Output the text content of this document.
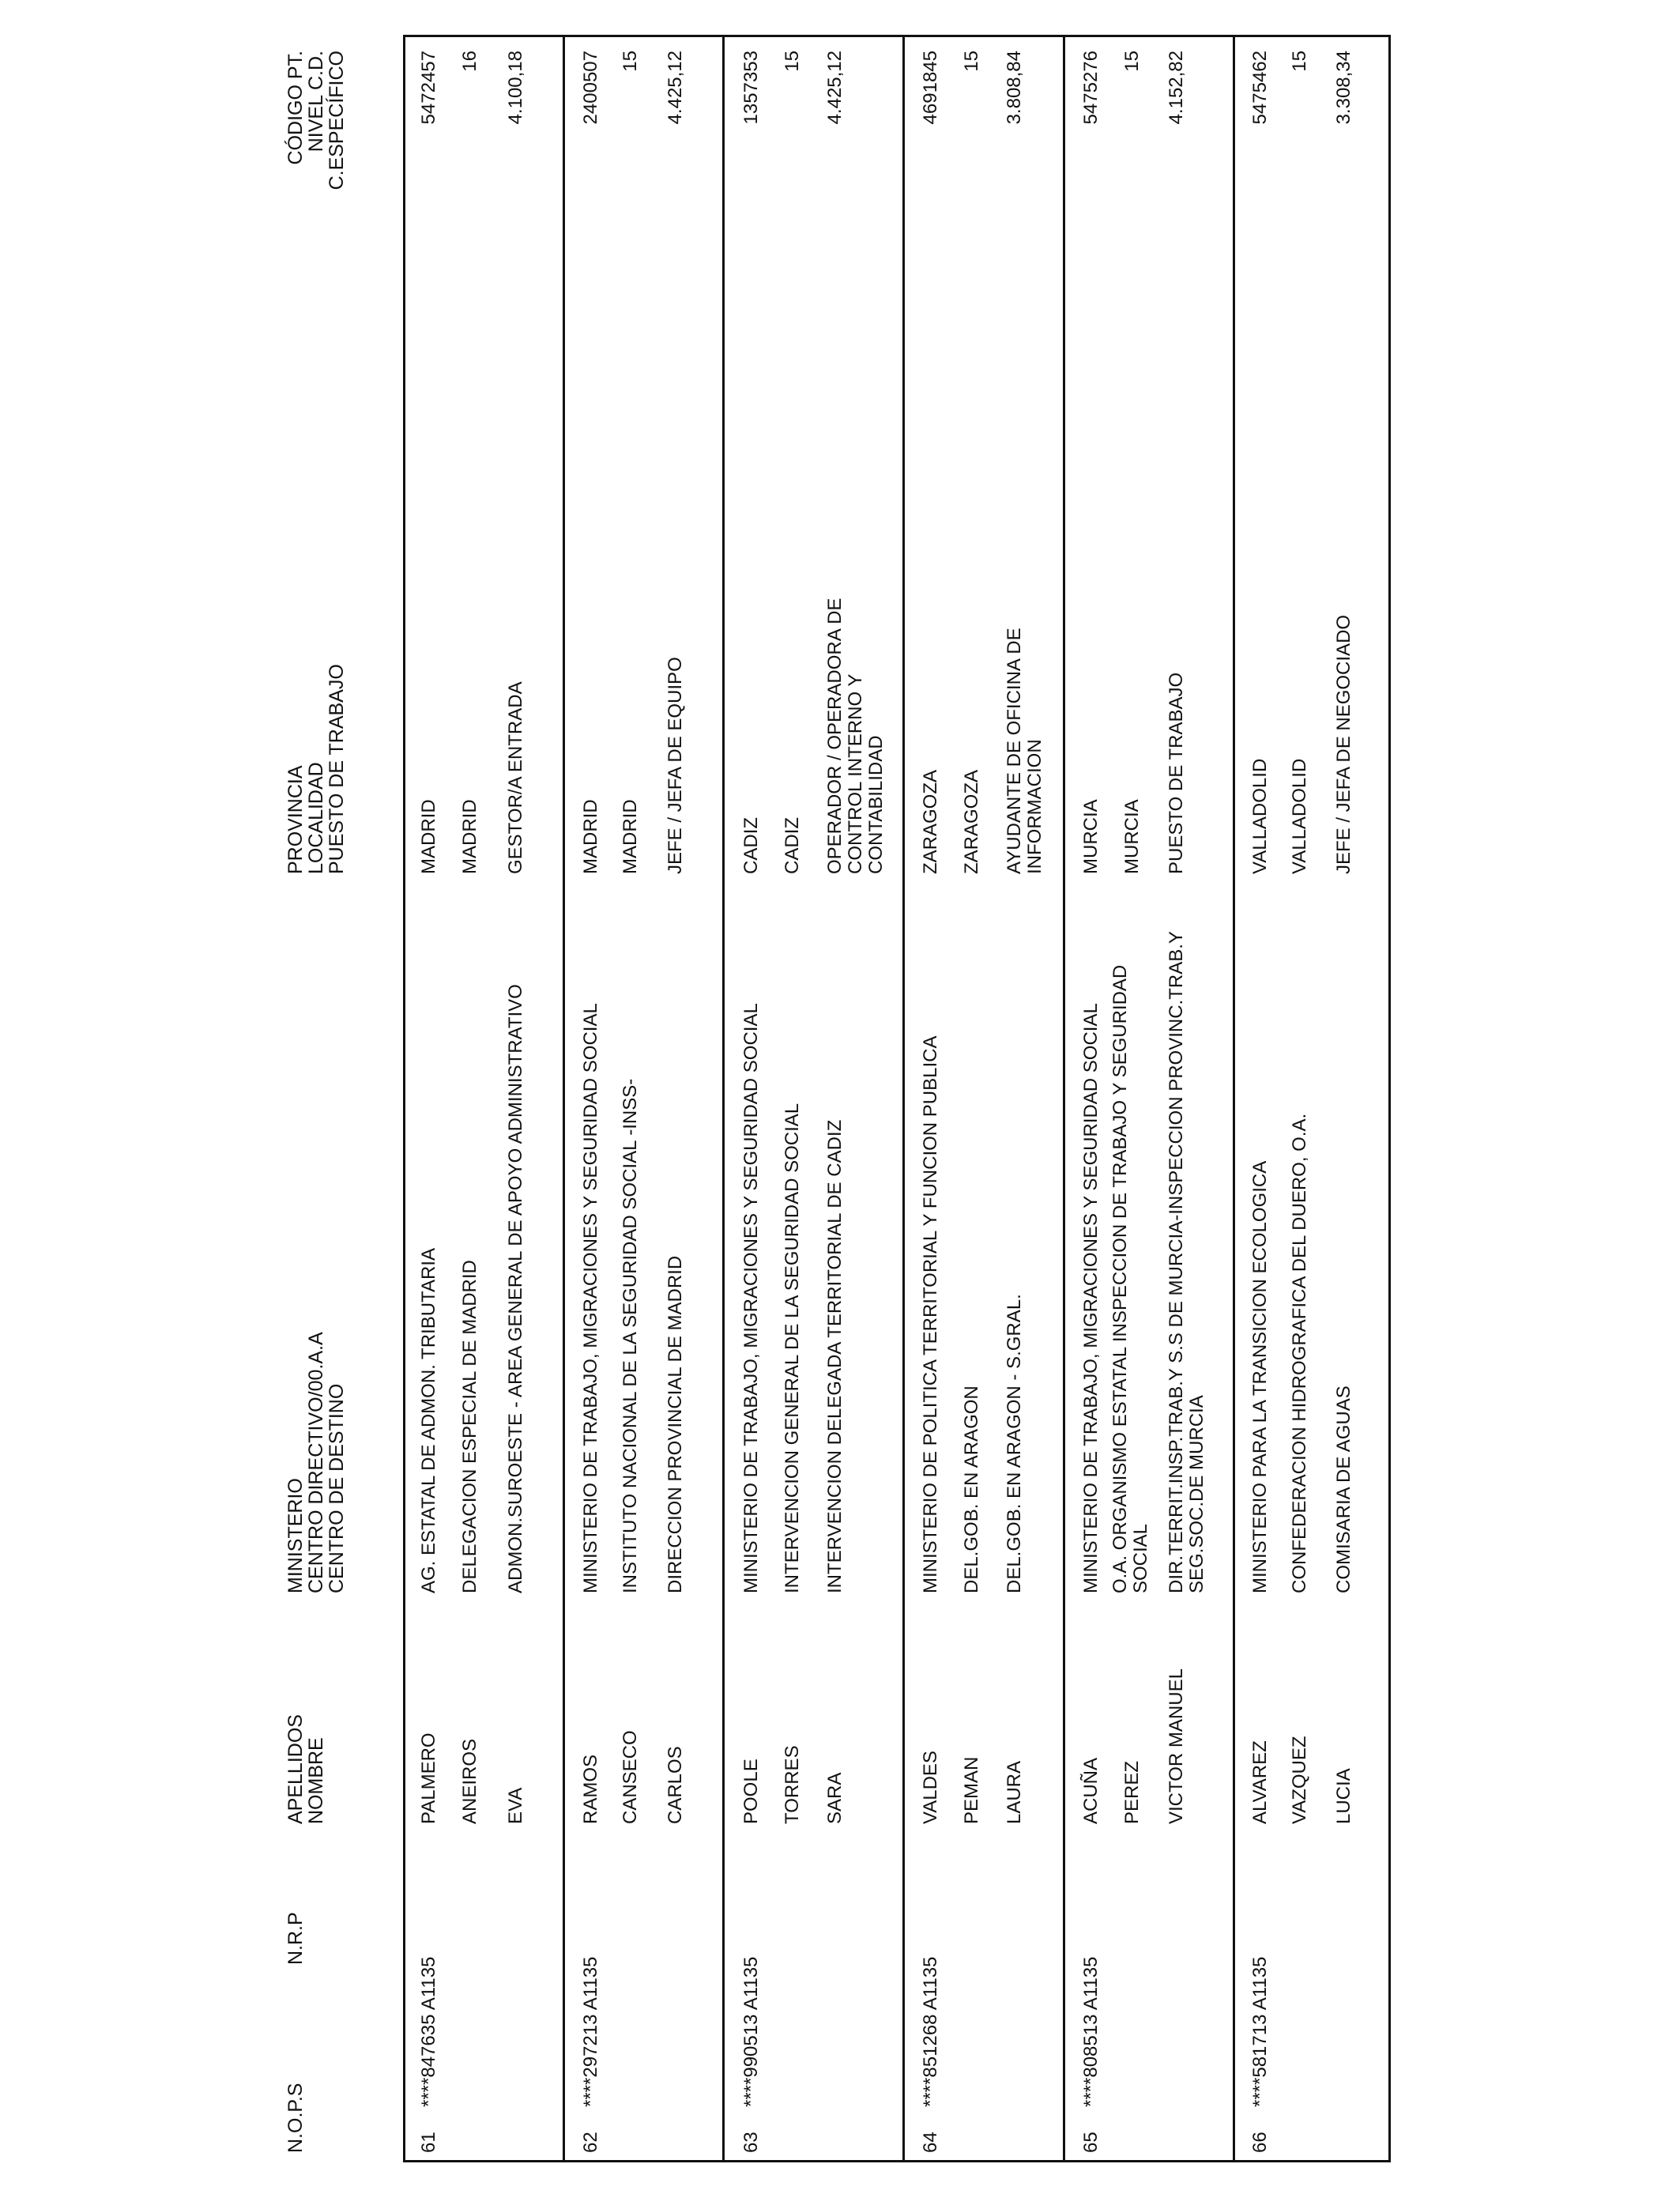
N.O.P.S
N.R.P
APELLIDOS
NOMBRE
MINISTERIO
CENTRO DIRECTIVO/00.A.A
CENTRO DE DESTINO
PROVINCIA
LOCALIDAD
PUESTO DE TRABAJO
CÓDIGO PT.
NIVEL C.D.
C.ESPECÍFICO
61
****847635 A1135
PALMERO ANEIROS EVA
AG. ESTATAL DE ADMON. TRIBUTARIA DELEGACION ESPECIAL DE MADRID ADMON.SUROESTE - AREA GENERAL DE APOYO ADMINISTRATIVO
MADRID MADRID GESTOR/A ENTRADA
5472457 16 4.100,18
62
****297213 A1135
RAMOS CANSECO CARLOS
MINISTERIO DE TRABAJO, MIGRACIONES Y SEGURIDAD SOCIAL INSTITUTO NACIONAL DE LA SEGURIDAD SOCIAL -INSS- DIRECCION PROVINCIAL DE MADRID
MADRID MADRID JEFE / JEFA DE EQUIPO
2400507 15 4.425,12
63
****990513 A1135
POOLE TORRES SARA
MINISTERIO DE TRABAJO, MIGRACIONES Y SEGURIDAD SOCIAL INTERVENCION GENERAL DE LA SEGURIDAD SOCIAL INTERVENCION DELEGADA TERRITORIAL DE CADIZ
CADIZ CADIZ OPERADOR / OPERADORA DE CONTROL INTERNO Y CONTABILIDAD
1357353 15 4.425,12
64
****851268 A1135
VALDES PEMAN LAURA
MINISTERIO DE POLITICA TERRITORIAL Y FUNCION PUBLICA DEL.GOB. EN ARAGON DEL.GOB. EN ARAGON - S.GRAL.
ZARAGOZA ZARAGOZA AYUDANTE DE OFICINA DE INFORMACION
4691845 15 3.808,84
65
****808513 A1135
ACUÑA PEREZ VICTOR MANUEL
MINISTERIO DE TRABAJO, MIGRACIONES Y SEGURIDAD SOCIAL O.A. ORGANISMO ESTATAL INSPECCION DE TRABAJO Y SEGURIDAD SOCIAL DIR.TERRIT.INSP.TRAB.Y S.S DE MURCIA-INSPECCION PROVINC.TRAB.Y SEG.SOC.DE MURCIA
MURCIA MURCIA PUESTO DE TRABAJO
5475276 15 4.152,82
66
****581713 A1135
ALVAREZ VAZQUEZ LUCIA
MINISTERIO PARA LA TRANSICION ECOLOGICA CONFEDERACION HIDROGRAFICA DEL DUERO, O.A. COMISARIA DE AGUAS
VALLADOLID VALLADOLID JEFE / JEFA DE NEGOCIADO
5475462 15 3.308,34
